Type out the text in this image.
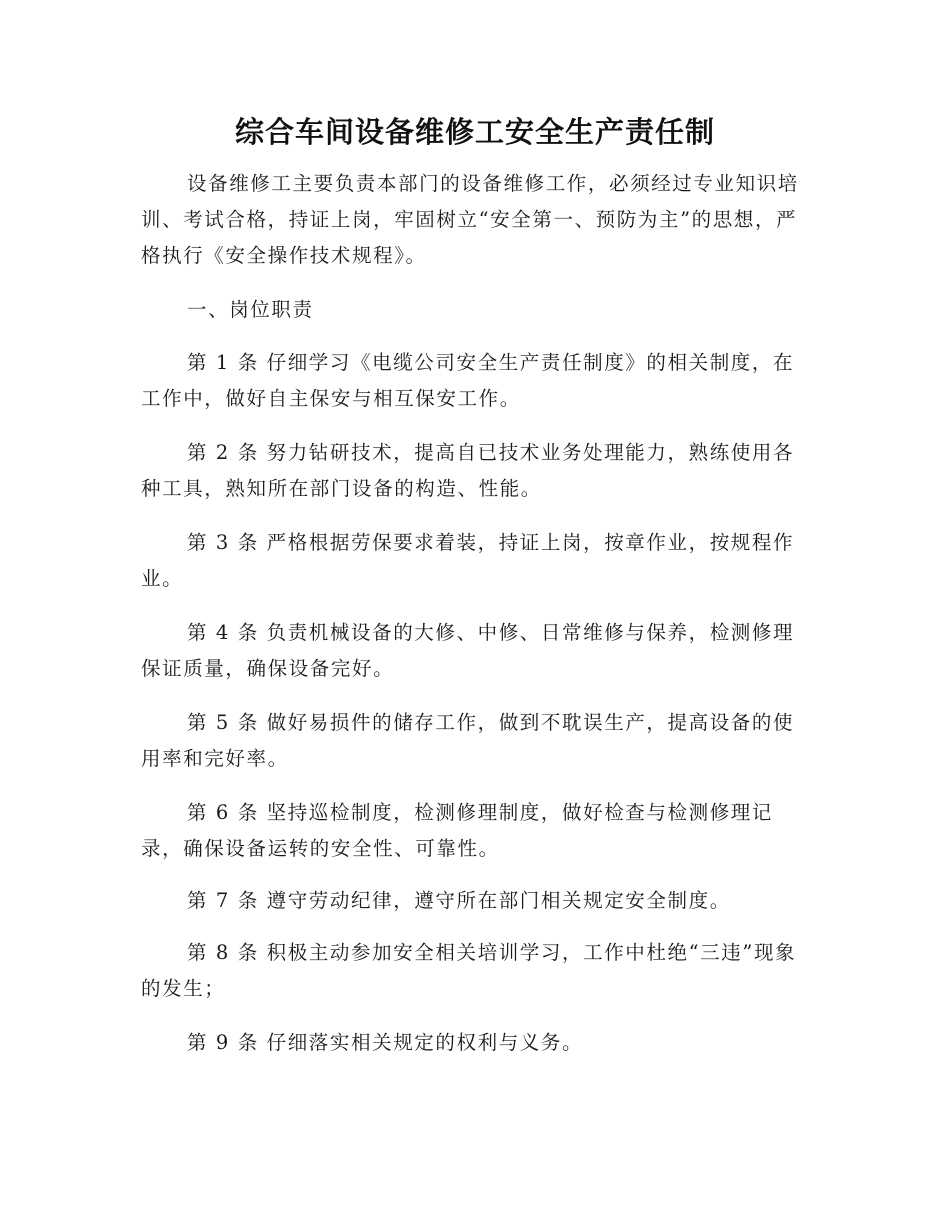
综合车间设备维修工安全生产责任制

设备维修工主要负责本部门的设备维修工作，必须经过专业知识培训、考试合格，持证上岗，牢固树立“安全第一、预防为主”的思想，严格执行《安全操作技术规程》。

一、岗位职责

第 1 条 仔细学习《电缆公司安全生产责任制度》的相关制度，在工作中，做好自主保安与相互保安工作。

第 2 条 努力钻研技术，提高自已技术业务处理能力，熟练使用各种工具，熟知所在部门设备的构造、性能。

第 3 条 严格根据劳保要求着装，持证上岗，按章作业，按规程作业。

第 4 条 负责机械设备的大修、中修、日常维修与保养，检测修理保证质量，确保设备完好。

第 5 条 做好易损件的储存工作，做到不耽误生产，提高设备的使用率和完好率。

第 6 条 坚持巡检制度，检测修理制度，做好检查与检测修理记录，确保设备运转的安全性、可靠性。

第 7 条 遵守劳动纪律，遵守所在部门相关规定安全制度。

第 8 条 积极主动参加安全相关培训学习，工作中杜绝“三违”现象的发生；

第 9 条 仔细落实相关规定的权利与义务。
